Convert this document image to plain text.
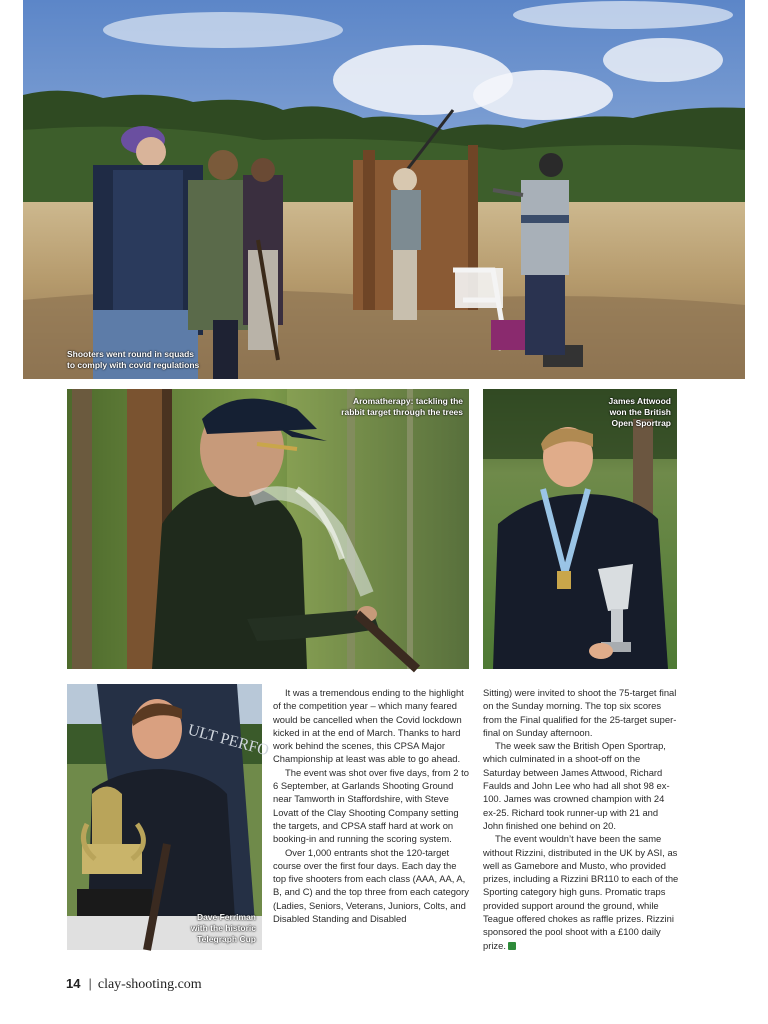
Shooters went round in squads
to comply with covid regulations
Aromatherapy: tackling the
rabbit target through the trees
James Attwood
won the British
Open Sportrap
ULT PERFO
Dave Ferriman
with the historic
Telegraph Cup

It was a tremendous ending to the highlight of the competition year – which many feared would be cancelled when the Covid lockdown kicked in at the end of March. Thanks to hard work behind the scenes, this CPSA Major Championship at least was able to go ahead.

The event was shot over five days, from 2 to 6 September, at Garlands Shooting Ground near Tamworth in Staffordshire, with Steve Lovatt of the Clay Shooting Company setting the targets, and CPSA staff hard at work on booking-in and running the scoring system.

Over 1,000 entrants shot the 120-target course over the first four days. Each day the top five shooters from each class (AAA, AA, A, B, and C) and the top three from each category (Ladies, Seniors, Veterans, Juniors, Colts, and Disabled Standing and Disabled

Sitting) were invited to shoot the 75-target final on the Sunday morning. The top six scores from the Final qualified for the 25-target super-final on Sunday afternoon.

The week saw the British Open Sportrap, which culminated in a shoot-off on the Saturday between James Attwood, Richard Faulds and John Lee who had all shot 98 ex-100. James was crowned champion with 24 ex-25. Richard took runner-up with 21 and John finished one behind on 20.

The event wouldn’t have been the same without Rizzini, distributed in the UK by ASI, as well as Gamebore and Musto, who provided prizes, including a Rizzini BR110 to each of the Sporting category high guns. Promatic traps provided support around the ground, while Teague offered chokes as raffle prizes. Rizzini sponsored the pool shoot with a £100 daily prize.

14 | clay-shooting.com
